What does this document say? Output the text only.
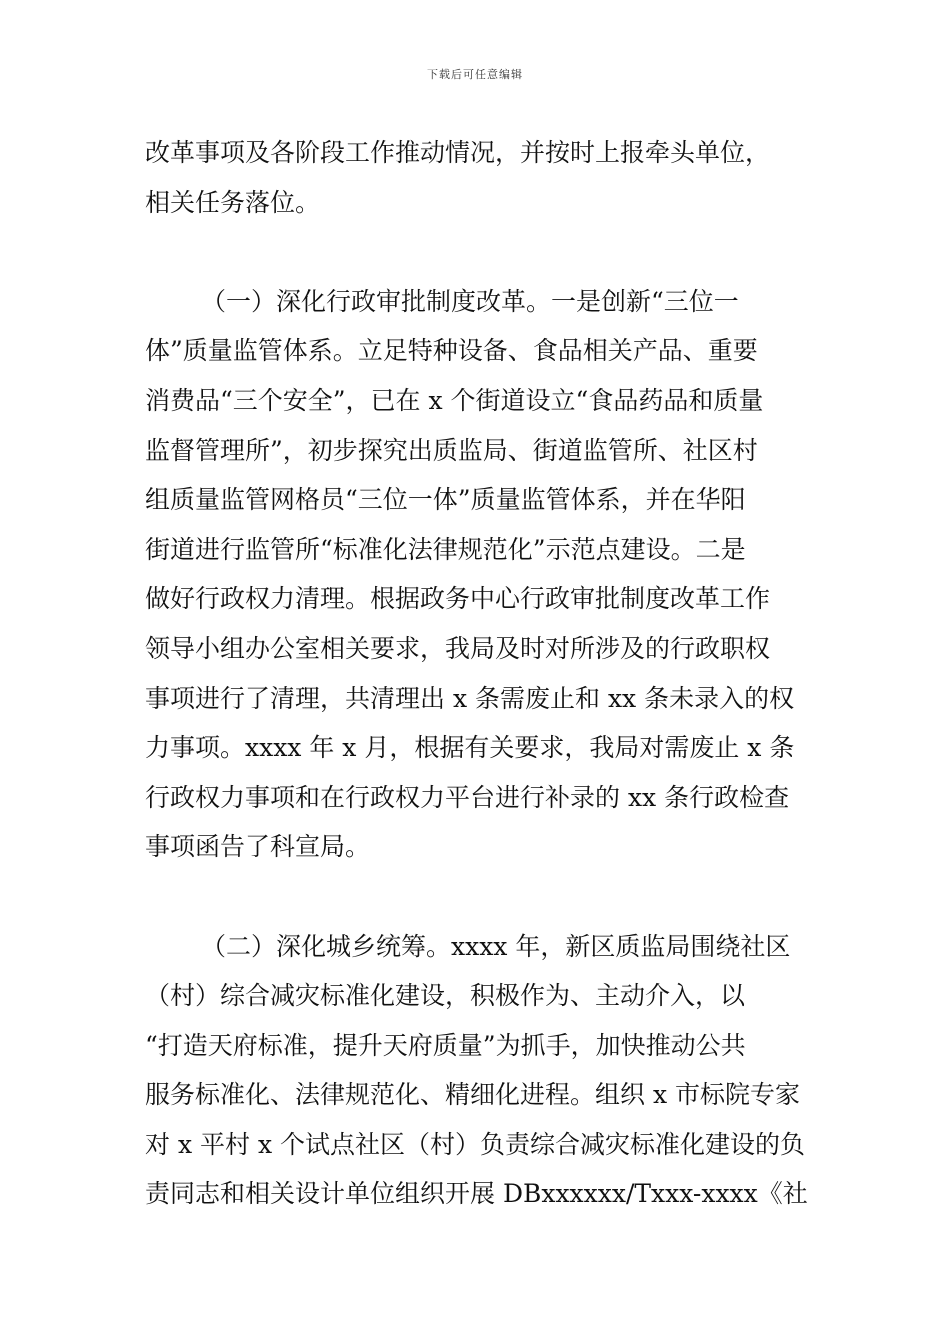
下载后可任意编辑
改革事项及各阶段工作推动情况，并按时上报牵头单位，
相关任务落位。
（一）深化行政审批制度改革。一是创新“三位一
体”质量监管体系。立足特种设备、食品相关产品、重要
消费品“三个安全”，已在 x 个街道设立“食品药品和质量
监督管理所”，初步探究出质监局、街道监管所、社区村
组质量监管网格员“三位一体”质量监管体系，并在华阳
街道进行监管所“标准化法律规范化”示范点建设。二是
做好行政权力清理。根据政务中心行政审批制度改革工作
领导小组办公室相关要求，我局及时对所涉及的行政职权
事项进行了清理，共清理出 x 条需废止和 xx 条未录入的权
力事项。xxxx 年 x 月，根据有关要求，我局对需废止 x 条
行政权力事项和在行政权力平台进行补录的 xx 条行政检查
事项函告了科宣局。
（二）深化城乡统筹。xxxx 年，新区质监局围绕社区
（村）综合减灾标准化建设，积极作为、主动介入，以
“打造天府标准，提升天府质量”为抓手，加快推动公共
服务标准化、法律规范化、精细化进程。组织 x 市标院专家
对 x 平村 x 个试点社区（村）负责综合减灾标准化建设的负
责同志和相关设计单位组织开展 DBxxxxxx/Txxx-xxxx《社
